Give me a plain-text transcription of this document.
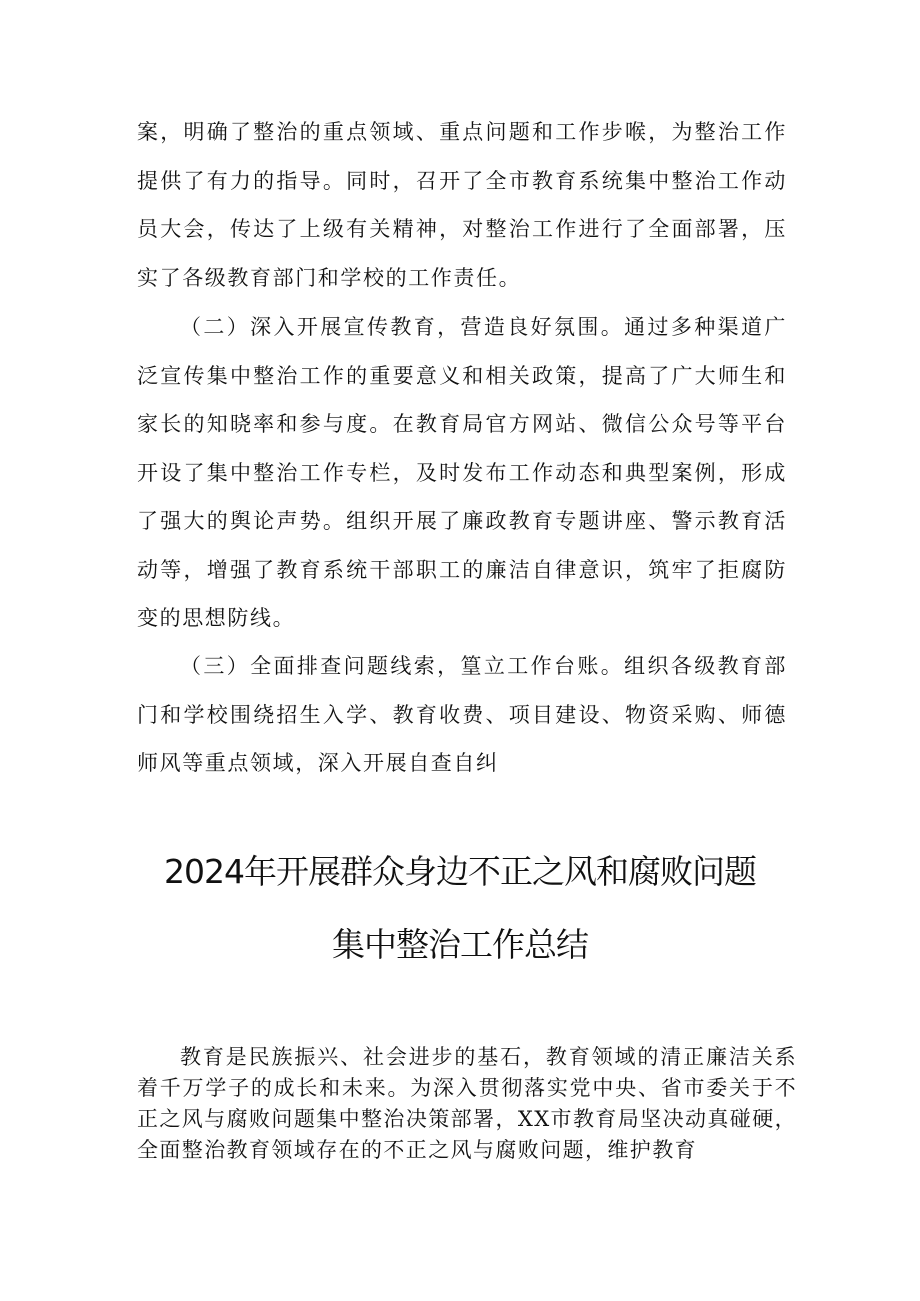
案，明确了整治的重点领域、重点问题和工作步喉，为整治工作提供了有力的指导。同时，召开了全市教育系统集中整治工作动员大会，传达了上级有关精神，对整治工作进行了全面部署，压实了各级教育部门和学校的工作责任。

（二）深入开展宣传教育，营造良好氛围。通过多种渠道广泛宣传集中整治工作的重要意义和相关政策，提高了广大师生和家长的知晓率和参与度。在教育局官方网站、微信公众号等平台开设了集中整治工作专栏，及时发布工作动态和典型案例，形成了强大的舆论声势。组织开展了廉政教育专题讲座、警示教育活动等，增强了教育系统干部职工的廉洁自律意识，筑牢了拒腐防变的思想防线。

（三）全面排查问题线索，篁立工作台账。组织各级教育部门和学校围绕招生入学、教育收费、项目建设、物资采购、师德师风等重点领域，深入开展自查自纠

2024年开展群众身边不正之风和腐败问题
集中整治工作总结

教育是民族振兴、社会进步的基石，教育领域的清正廉洁关系着千万学子的成长和未来。为深入贯彻落实党中央、省市委关于不正之风与腐败问题集中整治决策部署，XX市教育局坚决动真碰硬，全面整治教育领域存在的不正之风与腐败问题，维护教育
